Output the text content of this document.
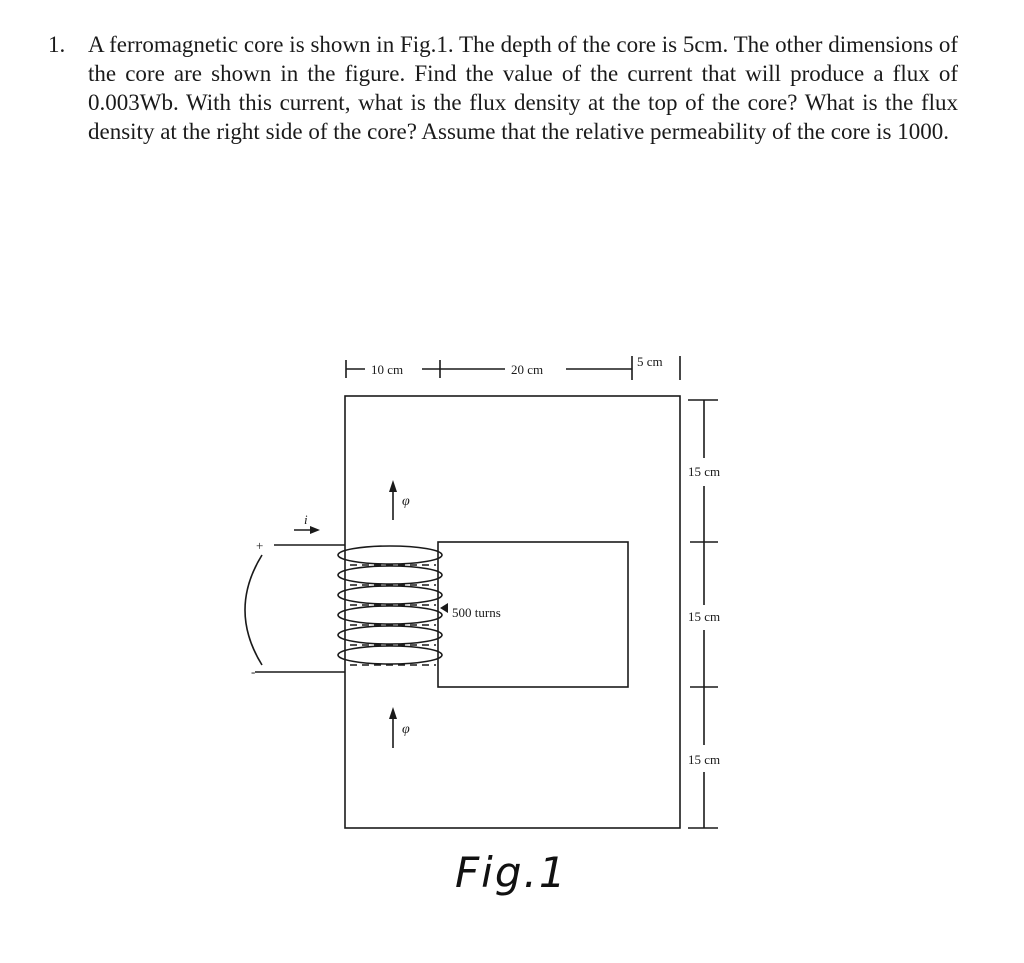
1. A ferromagnetic core is shown in Fig.1. The depth of the core is 5cm. The other dimensions of the core are shown in the figure. Find the value of the current that will produce a flux of 0.003Wb. With this current, what is the flux density at the top of the core? What is the flux density at the right side of the core? Assume that the relative permeability of the core is 1000.
10 cm	20 cm
5 cm
15 cm
15 cm
15 cm
500 turns
i
+
-
φ
φ
Fig.1
